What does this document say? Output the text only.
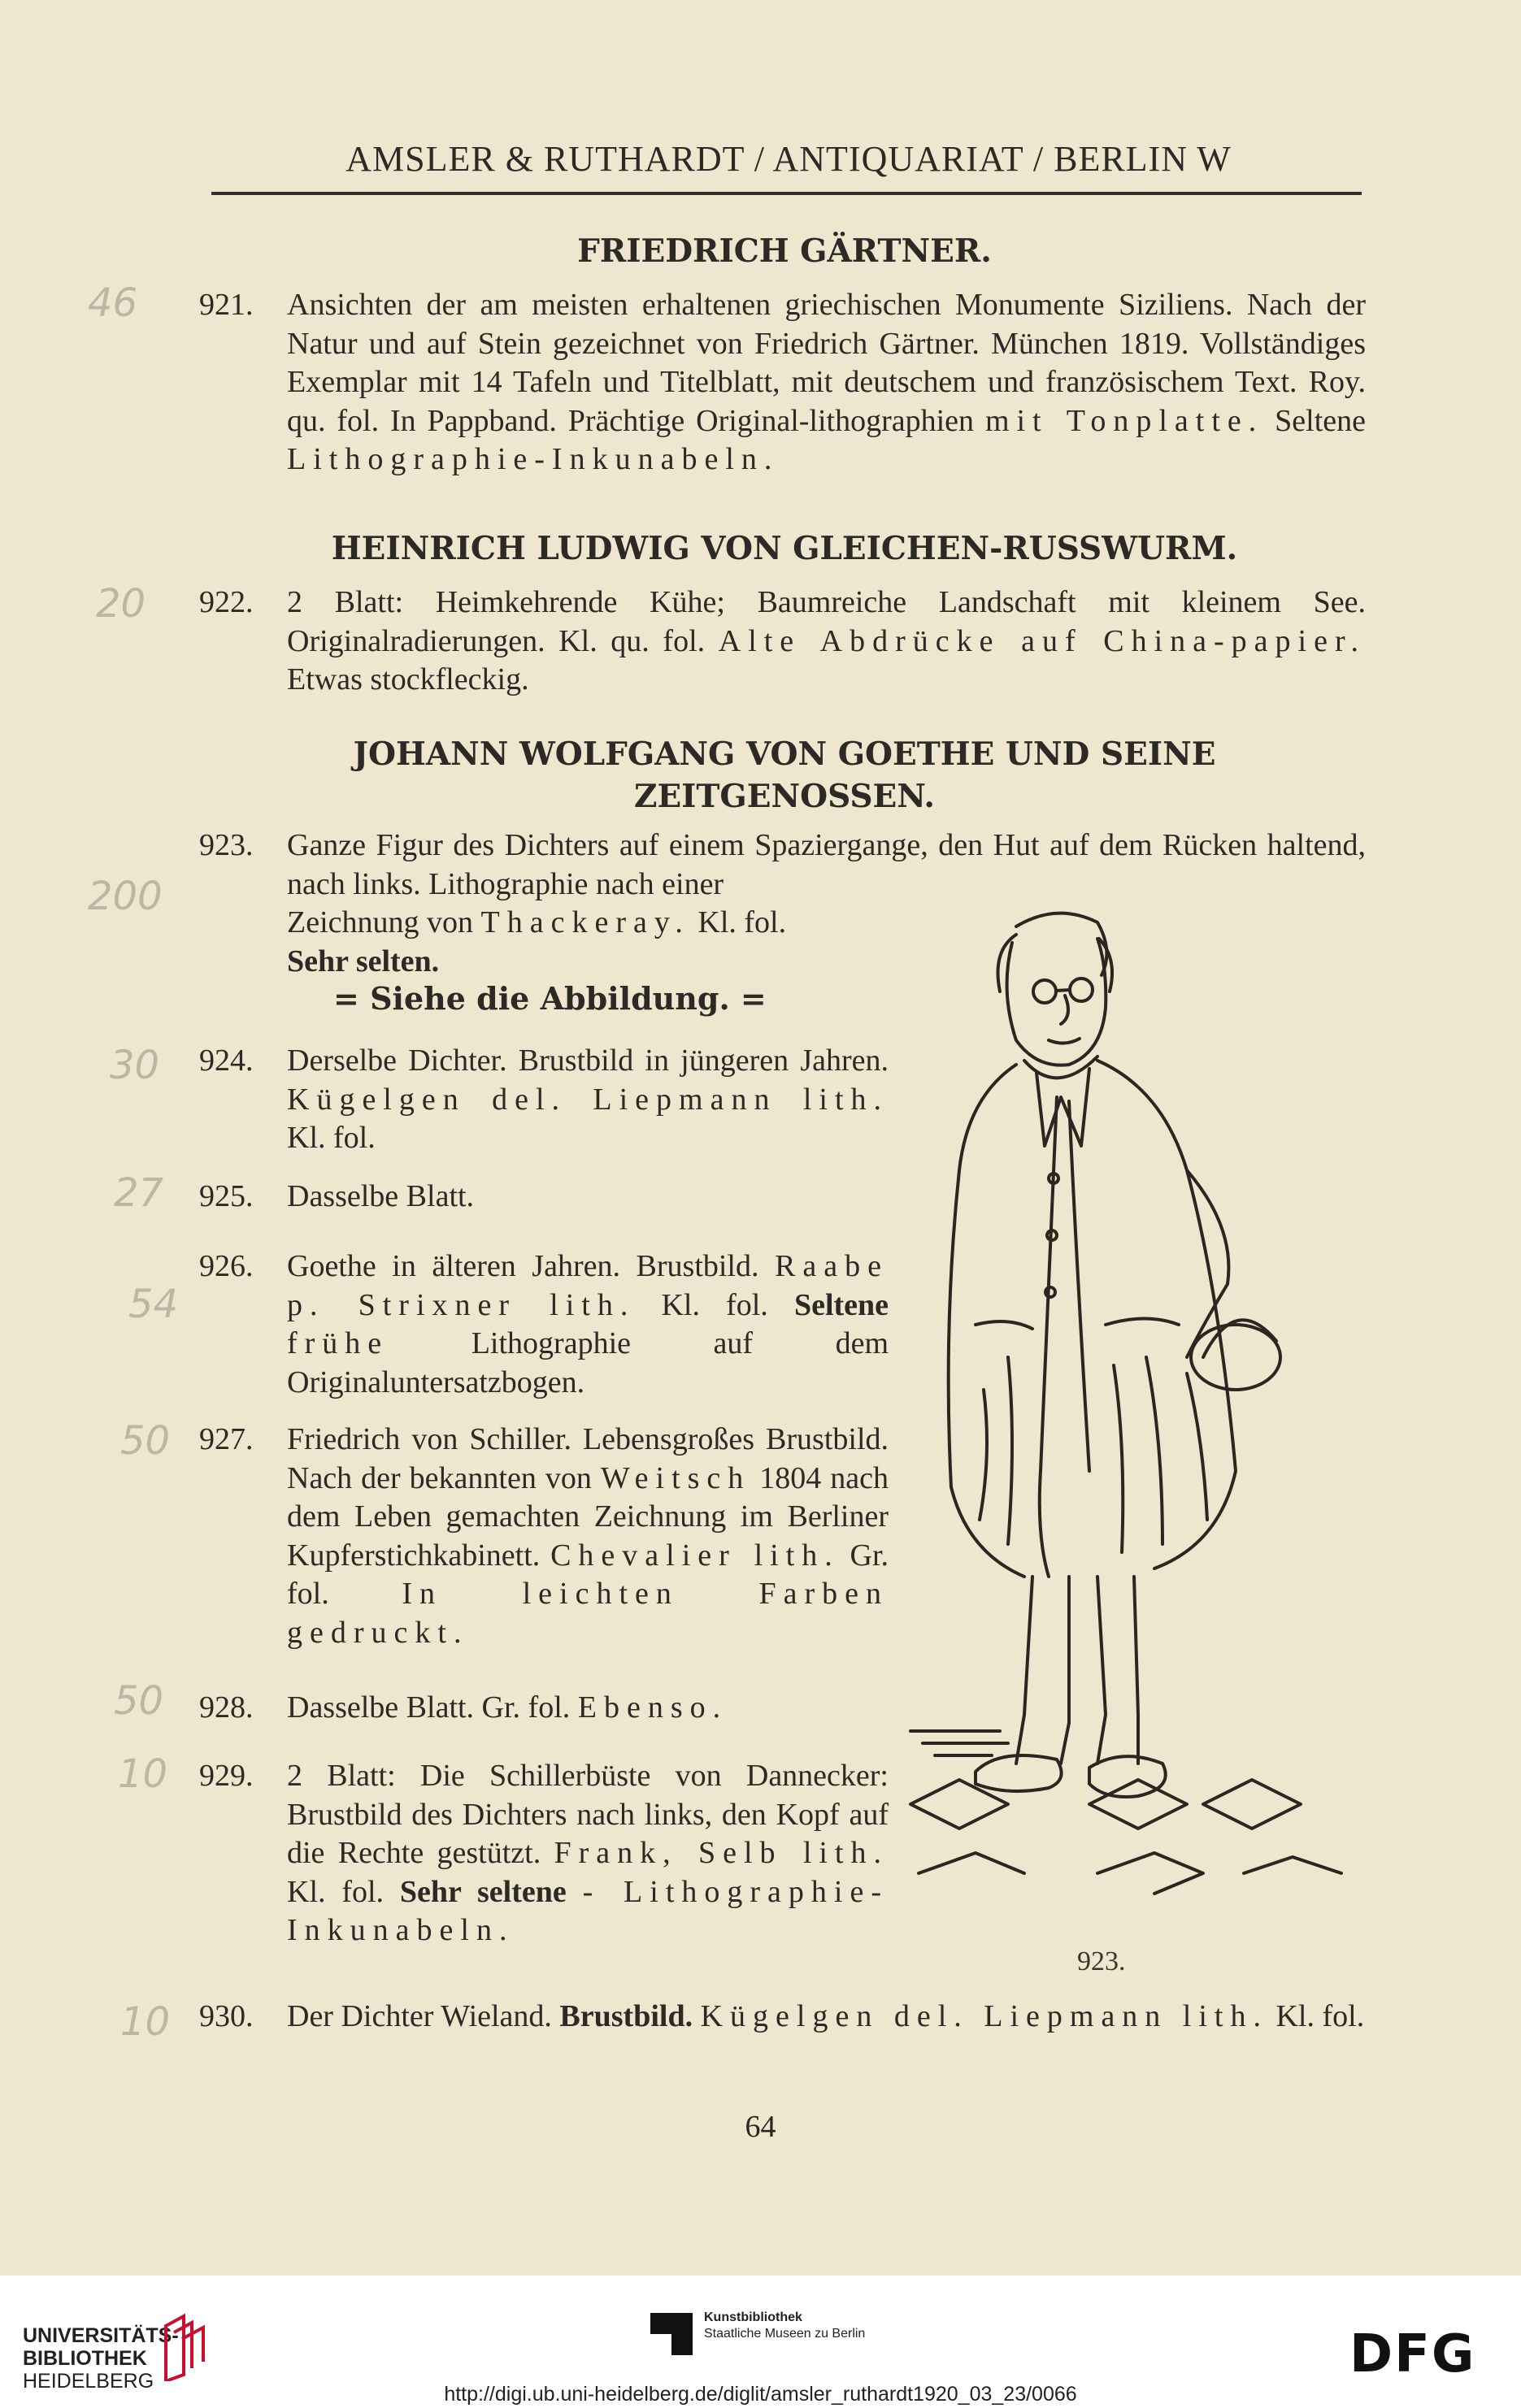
AMSLER & RUTHARDT / ANTIQUARIAT / BERLIN W
FRIEDRICH GÄRTNER.
921.	Ansichten der am meisten erhaltenen griechischen Monumente Siziliens. Nach der Natur und auf Stein gezeichnet von Friedrich Gärtner. München 1819. Vollständiges Exemplar mit 14 Tafeln und Titelblatt, mit deutschem und französischem Text. Roy. qu. fol. In Pappband. Prächtige Original-lithographien mit Tonplatte. Seltene Lithographie-Inkunabeln.
HEINRICH LUDWIG VON GLEICHEN-RUSSWURM.
922.	2 Blatt: Heimkehrende Kühe; Baumreiche Landschaft mit kleinem See. Originalradierungen. Kl. qu. fol. Alte Abdrücke auf China-papier. Etwas stockfleckig.
JOHANN WOLFGANG VON GOETHE UND SEINE
ZEITGENOSSEN.
923.	Ganze Figur des Dichters auf einem Spaziergange, den Hut auf dem Rücken haltend, nach links. Lithographie nach einer
Zeichnung von Thackeray. Kl. fol.
Sehr selten.
= Siehe die Abbildung. =
924.	Derselbe Dichter. Brustbild in jüngeren Jahren. Kügelgen del. Liepmann lith. Kl. fol.
925.	Dasselbe Blatt.
926.	Goethe in älteren Jahren. Brustbild. Raabe p. Strixner lith. Kl. fol. Seltene frühe	Lithographie auf dem Originaluntersatzbogen.
927.	Friedrich von Schiller. Lebensgroßes Brustbild. Nach der bekannten von Weitsch 1804 nach dem Leben gemachten Zeichnung im Berliner Kupferstichkabinett. Chevalier lith. Gr. fol. In leichten Farben gedruckt.
928.	Dasselbe Blatt. Gr. fol. Ebenso.
929.	2 Blatt: Die Schillerbüste von Dannecker: Brustbild des Dichters nach links, den Kopf auf die Rechte gestützt. Frank, Selb lith. Kl. fol. Sehr seltene - Lithographie-Inkunabeln.
930.	Der Dichter Wieland. Brustbild. Kügelgen del. Liepmann lith. Kl. fol.
46
20
200
30
27
54
50
50
10
10
923.
64
UNIVERSITÄTS-
BIBLIOTHEK
HEIDELBERG
Kunstbibliothek
Staatliche Museen zu Berlin	DFG
http://digi.ub.uni-heidelberg.de/diglit/amsler_ruthardt1920_03_23/0066
